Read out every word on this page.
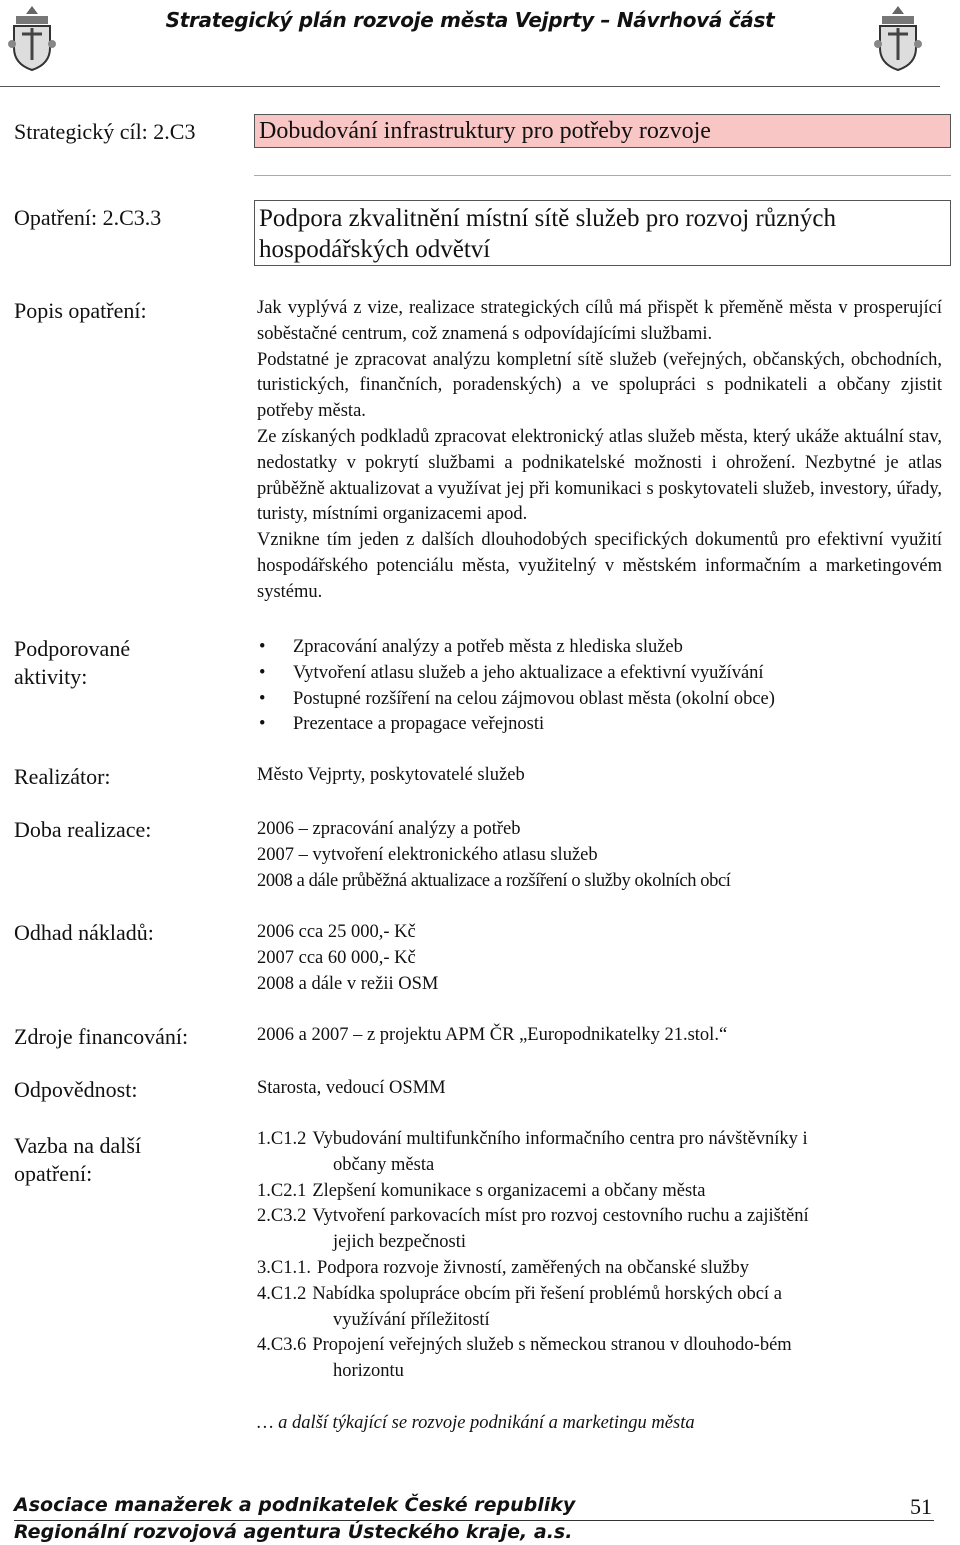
Strategický plán rozvoje města Vejprty – Návrhová část
Strategický cíl: 2.C3	Dobudování infrastruktury pro potřeby rozvoje
Opatření: 2.C3.3	Podpora zkvalitnění místní sítě služeb pro rozvoj různých hospodářských odvětví
Popis opatření:	Jak vyplývá z vize, realizace strategických cílů má přispět k přeměně města v prosperující soběstačné centrum, což znamená s odpovídajícími službami.

Podstatné je zpracovat analýzu kompletní sítě služeb (veřejných, občanských, obchodních, turistických, finančních, poradenských) a ve spolupráci s podnikateli a občany zjistit potřeby města.

Ze získaných podkladů zpracovat elektronický atlas služeb města, který ukáže aktuální stav, nedostatky v pokrytí službami a podnikatelské možnosti i ohrožení. Nezbytné je atlas průběžně aktualizovat a využívat jej při komunikaci s poskytovateli služeb, investory, úřady, turisty, místními organizacemi apod.

Vznikne tím jeden z dalších dlouhodobých specifických dokumentů pro efektivní využití hospodářského potenciálu města, využitelný v městském informačním a marketingovém systému.

Podporované
aktivity:
• Zpracování analýzy a potřeb města z hlediska služeb
• Vytvoření atlasu služeb a jeho aktualizace a efektivní využívání
• Postupné rozšíření na celou zájmovou oblast města (okolní obce)
• Prezentace a propagace veřejnosti
Realizátor:	Město Vejprty, poskytovatelé služeb
Doba realizace:	2006 – zpracování analýzy a potřeb
2007 – vytvoření elektronického atlasu služeb
2008 a dále průběžná aktualizace a rozšíření o služby okolních obcí
Odhad nákladů:	2006 cca 25 000,- Kč
2007 cca 60 000,- Kč
2008 a dále v režii OSM
Zdroje financování:	2006 a 2007 – z projektu APM ČR „Europodnikatelky 21.stol.“
Odpovědnost:	Starosta, vedoucí OSMM
Vazba na další
opatření:
1.C1.2 Vybudování multifunkčního informačního centra pro návštěvníky i
občany města
1.C2.1 Zlepšení komunikace s organizacemi a občany města
2.C3.2 Vytvoření parkovacích míst pro rozvoj cestovního ruchu a zajištění
jejich bezpečnosti
3.C1.1. Podpora rozvoje živností, zaměřených na občanské služby
4.C1.2 Nabídka spolupráce obcím při řešení problémů horských obcí a
využívání příležitostí
4.C3.6 Propojení veřejných služeb s německou stranou v dlouhodo-bém
horizontu
… a další týkající se rozvoje podnikání a marketingu města
Asociace manažerek a podnikatelek České republiky	51
Regionální rozvojová agentura Ústeckého kraje, a.s.
